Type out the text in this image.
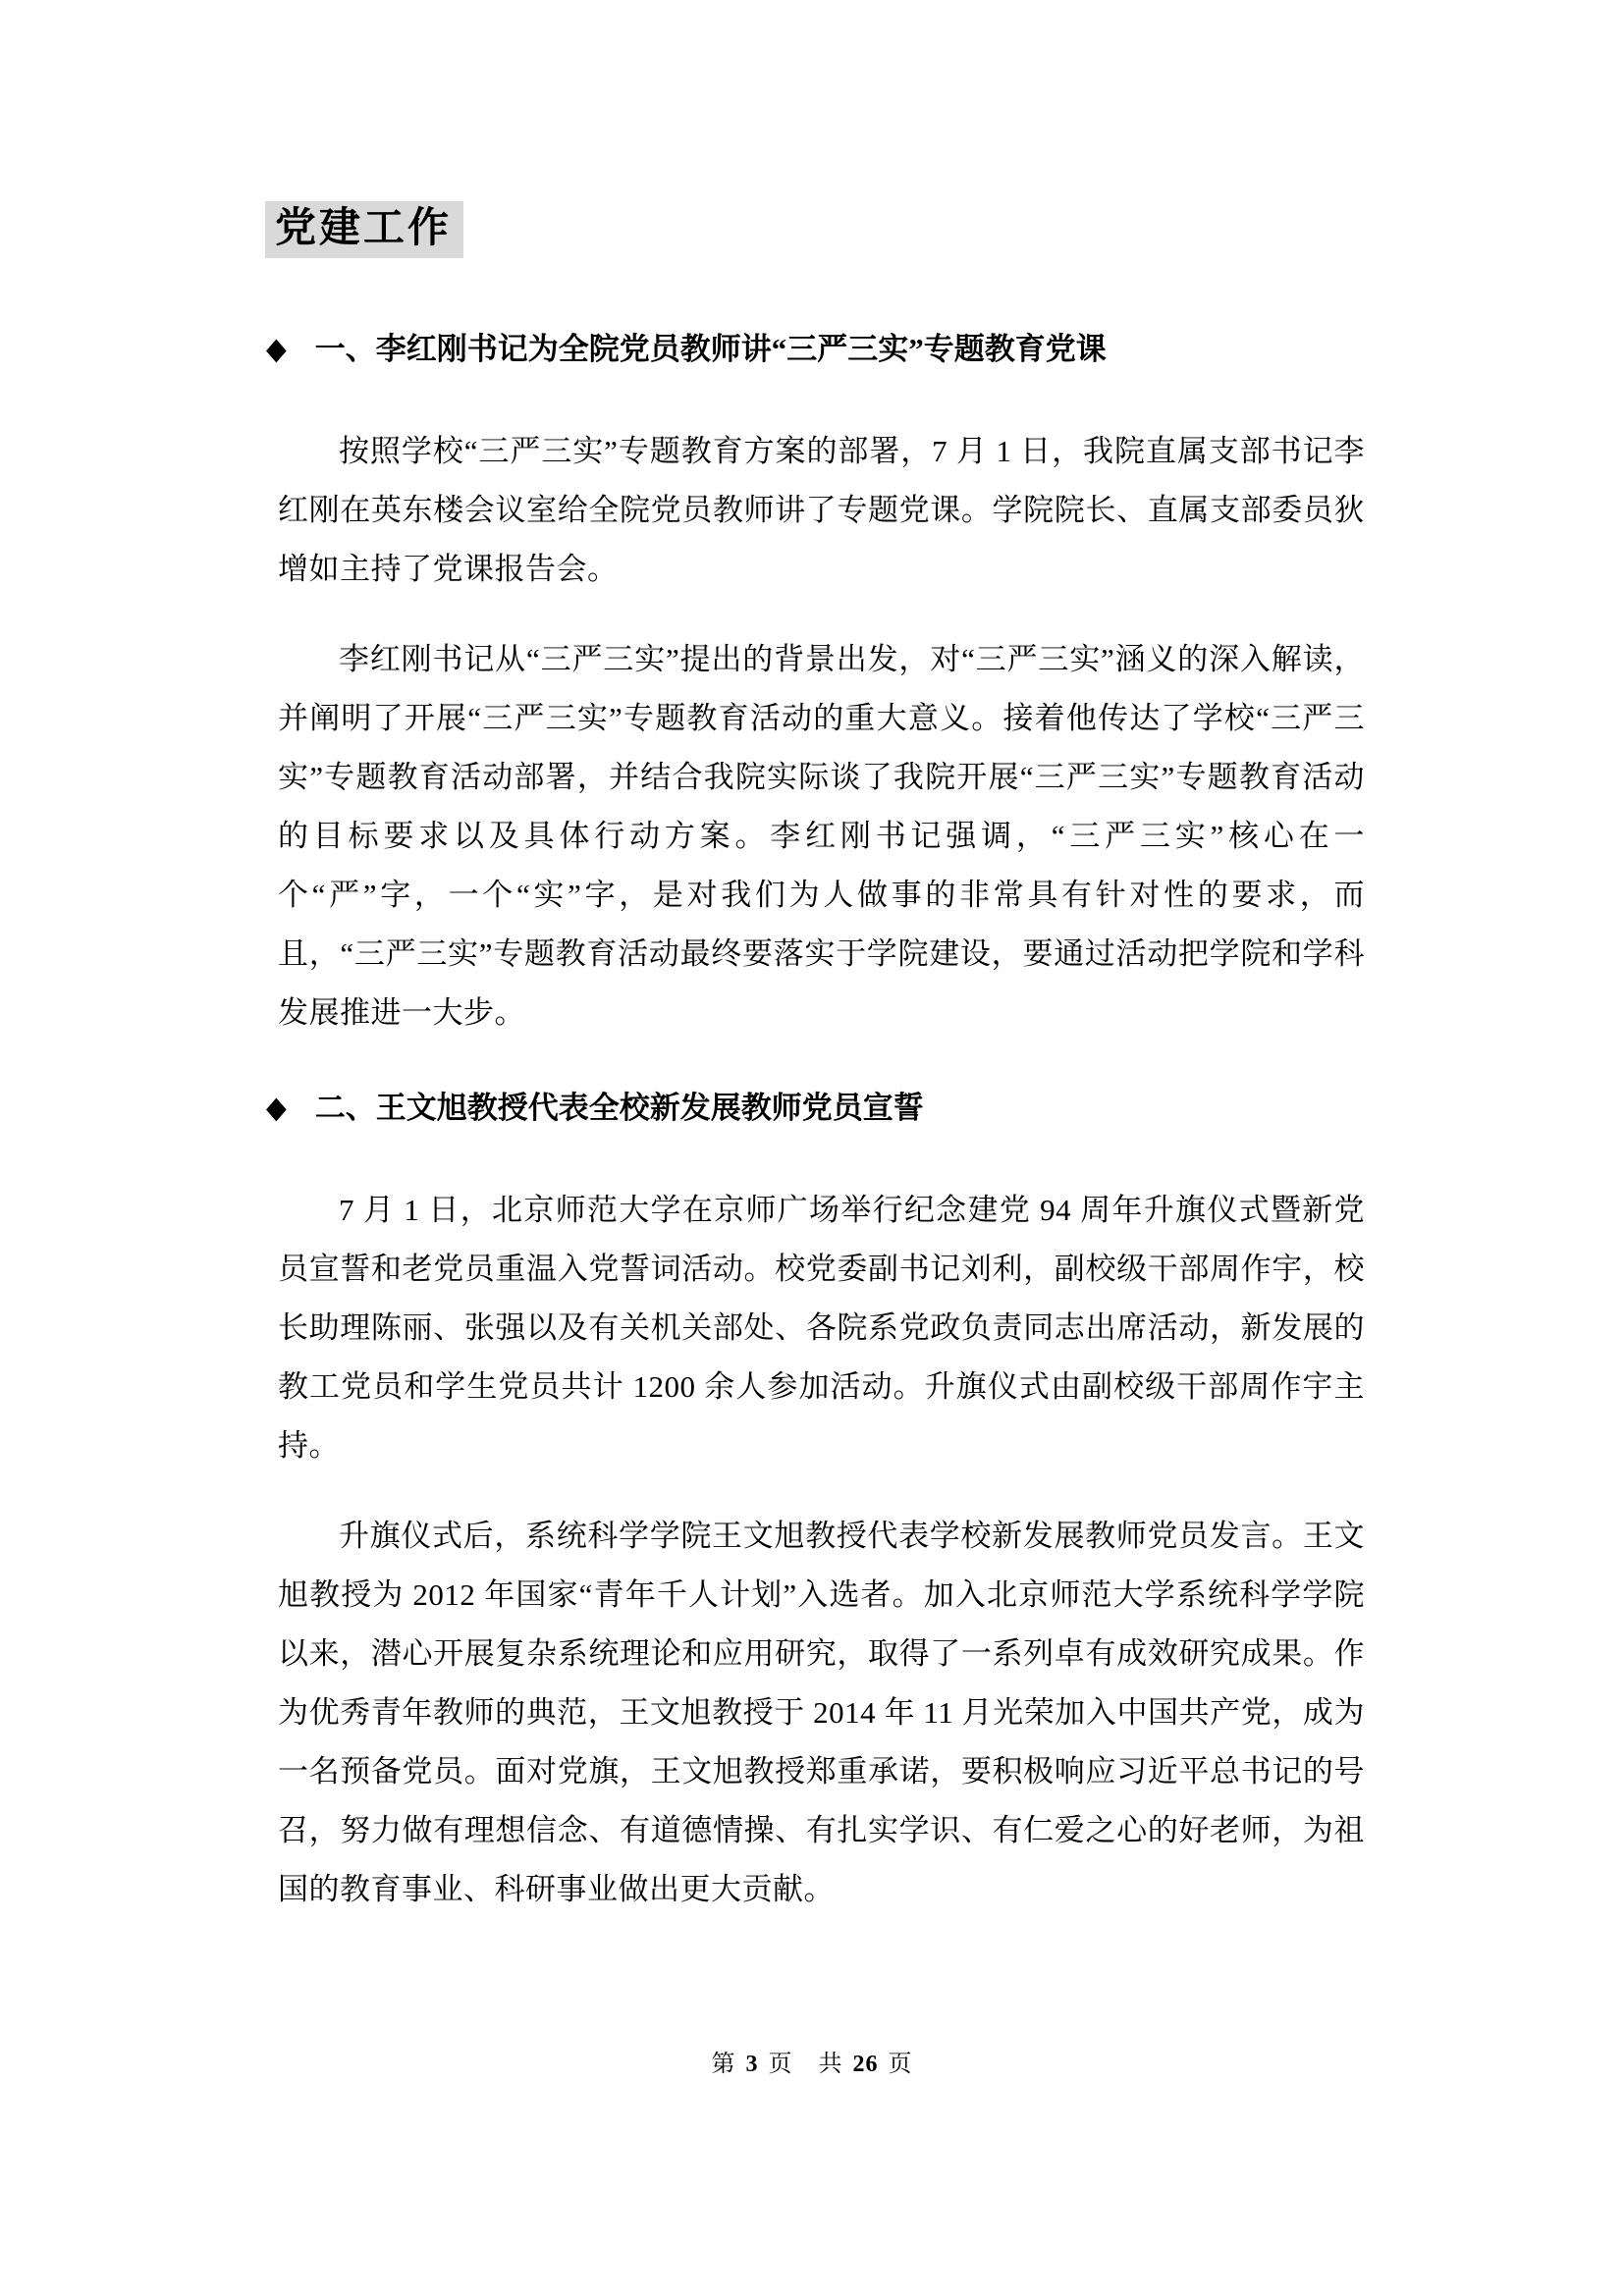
党建工作
◆ 一、李红刚书记为全院党员教师讲“三严三实”专题教育党课

按照学校“三严三实”专题教育方案的部署，7 月 1 日，我院直属支部书记李红刚在英东楼会议室给全院党员教师讲了专题党课。学院院长、直属支部委员狄增如主持了党课报告会。

李红刚书记从“三严三实”提出的背景出发，对“三严三实”涵义的深入解读，并阐明了开展“三严三实”专题教育活动的重大意义。接着他传达了学校“三严三实”专题教育活动部署，并结合我院实际谈了我院开展“三严三实”专题教育活动的目标要求以及具体行动方案。李红刚书记强调，“三严三实”核心在一个“严”字，一个“实”字，是对我们为人做事的非常具有针对性的要求，而且，“三严三实”专题教育活动最终要落实于学院建设，要通过活动把学院和学科发展推进一大步。

◆ 二、王文旭教授代表全校新发展教师党员宣誓

7 月 1 日，北京师范大学在京师广场举行纪念建党 94 周年升旗仪式暨新党员宣誓和老党员重温入党誓词活动。校党委副书记刘利，副校级干部周作宇，校长助理陈丽、张强以及有关机关部处、各院系党政负责同志出席活动，新发展的教工党员和学生党员共计 1200 余人参加活动。升旗仪式由副校级干部周作宇主持。

升旗仪式后，系统科学学院王文旭教授代表学校新发展教师党员发言。王文旭教授为 2012 年国家“青年千人计划”入选者。加入北京师范大学系统科学学院以来，潜心开展复杂系统理论和应用研究，取得了一系列卓有成效研究成果。作为优秀青年教师的典范，王文旭教授于 2014 年 11 月光荣加入中国共产党，成为一名预备党员。面对党旗，王文旭教授郑重承诺，要积极响应习近平总书记的号召，努力做有理想信念、有道德情操、有扎实学识、有仁爱之心的好老师，为祖国的教育事业、科研事业做出更大贡献。

第 3 页 共 26 页
